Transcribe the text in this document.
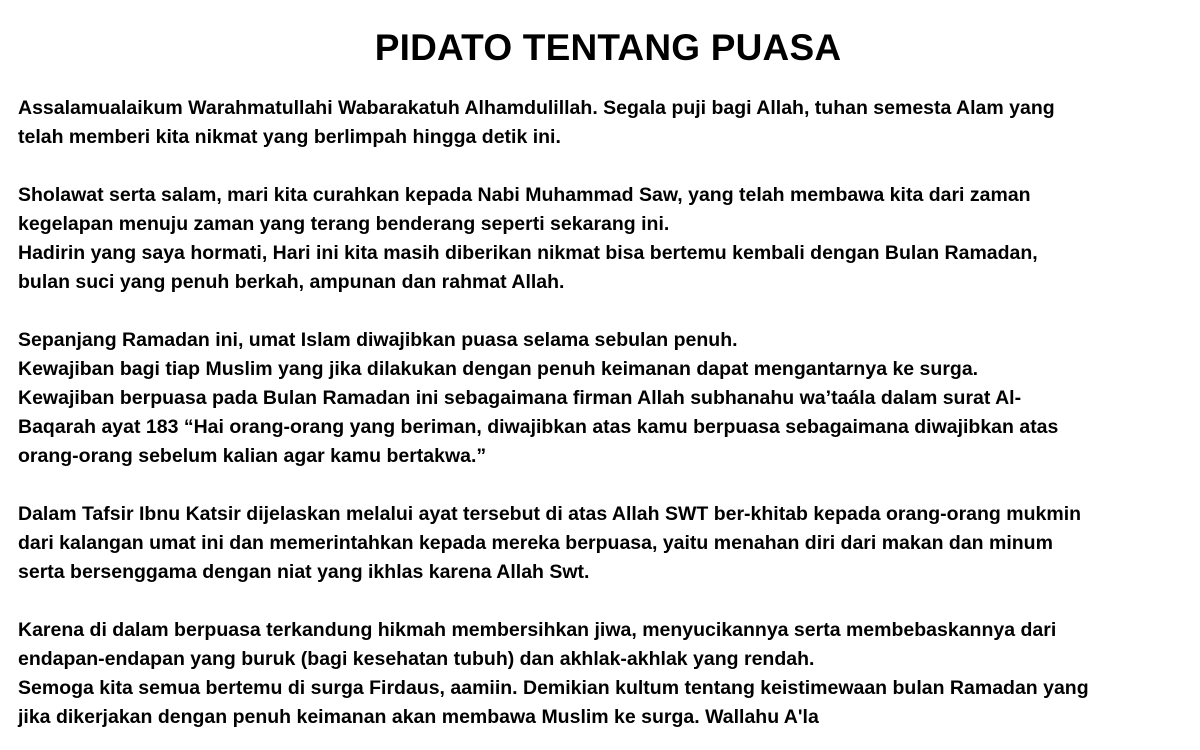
PIDATO TENTANG PUASA

Assalamualaikum Warahmatullahi Wabarakatuh Alhamdulillah. Segala puji bagi Allah, tuhan semesta Alam yang

telah memberi kita nikmat yang berlimpah hingga detik ini.

Sholawat serta salam, mari kita curahkan kepada Nabi Muhammad Saw, yang telah membawa kita dari zaman

kegelapan menuju zaman yang terang benderang seperti sekarang ini.

Hadirin yang saya hormati, Hari ini kita masih diberikan nikmat bisa bertemu kembali dengan Bulan Ramadan,

bulan suci yang penuh berkah, ampunan dan rahmat Allah.

Sepanjang Ramadan ini, umat Islam diwajibkan puasa selama sebulan penuh.

Kewajiban bagi tiap Muslim yang jika dilakukan dengan penuh keimanan dapat mengantarnya ke surga.

Kewajiban berpuasa pada Bulan Ramadan ini sebagaimana firman Allah subhanahu wa’taála dalam surat Al-

Baqarah ayat 183 “Hai orang-orang yang beriman, diwajibkan atas kamu berpuasa sebagaimana diwajibkan atas

orang-orang sebelum kalian agar kamu bertakwa.”

Dalam Tafsir Ibnu Katsir dijelaskan melalui ayat tersebut di atas Allah SWT ber-khitab kepada orang-orang mukmin

dari kalangan umat ini dan memerintahkan kepada mereka berpuasa, yaitu menahan diri dari makan dan minum

serta bersenggama dengan niat yang ikhlas karena Allah Swt.

Karena di dalam berpuasa terkandung hikmah membersihkan jiwa, menyucikannya serta membebaskannya dari

endapan-endapan yang buruk (bagi kesehatan tubuh) dan akhlak-akhlak yang rendah.

Semoga kita semua bertemu di surga Firdaus, aamiin. Demikian kultum tentang keistimewaan bulan Ramadan yang

jika dikerjakan dengan penuh keimanan akan membawa Muslim ke surga. Wallahu A'la
